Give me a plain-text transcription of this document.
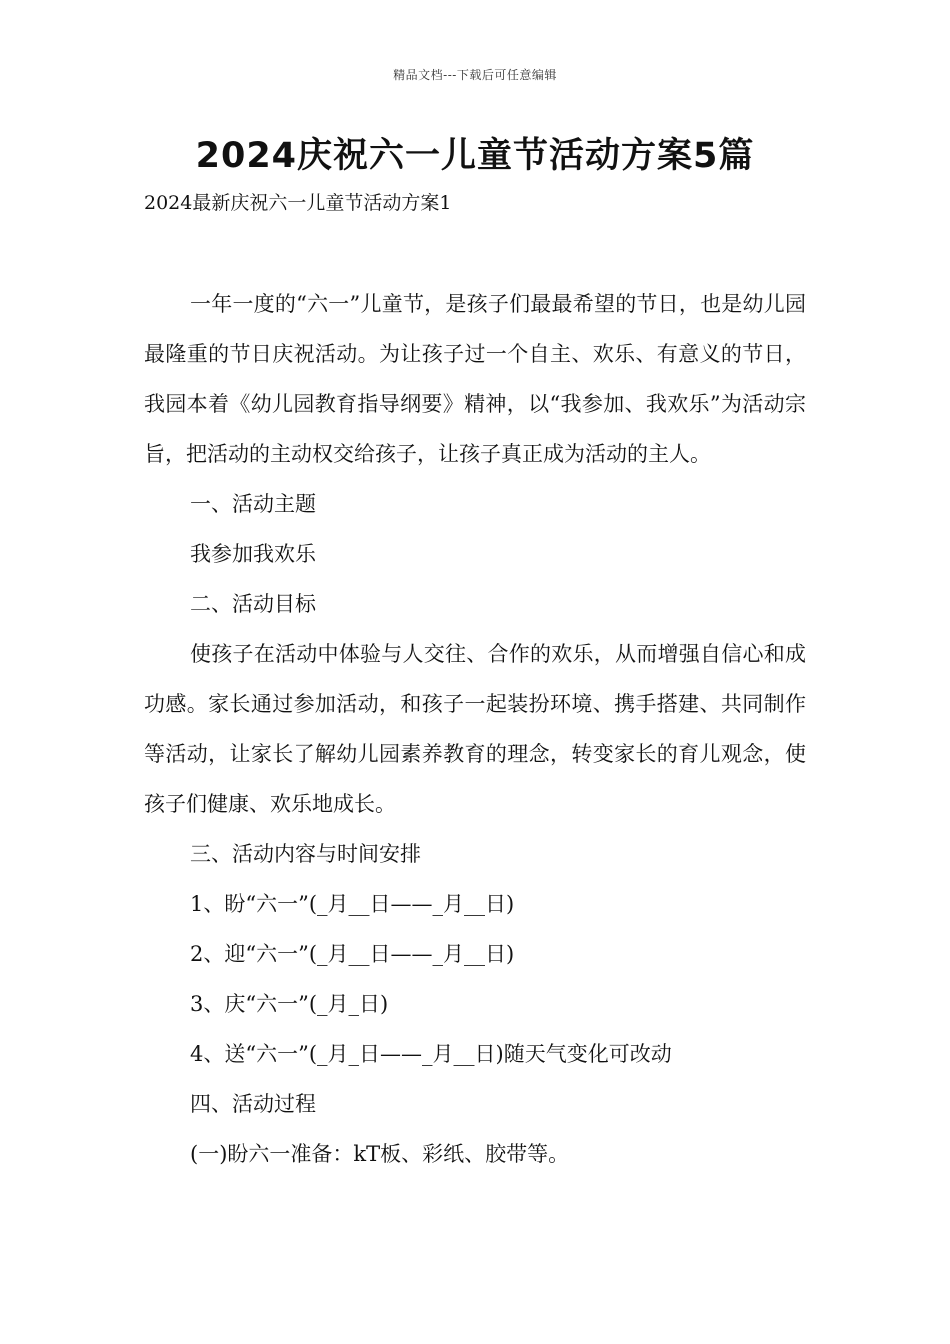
精品文档---下载后可任意编辑
2024庆祝六一儿童节活动方案5篇
2024最新庆祝六一儿童节活动方案1

一年一度的“六一”儿童节，是孩子们最最希望的节日，也是幼儿园最隆重的节日庆祝活动。为让孩子过一个自主、欢乐、有意义的节日，我园本着《幼儿园教育指导纲要》精神，以“我参加、我欢乐”为活动宗旨，把活动的主动权交给孩子，让孩子真正成为活动的主人。

一、活动主题

我参加我欢乐

二、活动目标

使孩子在活动中体验与人交往、合作的欢乐，从而增强自信心和成功感。家长通过参加活动，和孩子一起装扮环境、携手搭建、共同制作等活动，让家长了解幼儿园素养教育的理念，转变家长的育儿观念，使孩子们健康、欢乐地成长。

三、活动内容与时间安排

1、盼“六一”(_月__日——_月__日)

2、迎“六一”(_月__日——_月__日)

3、庆“六一”(_月_日)

4、送“六一”(_月_日——_月__日)随天气变化可改动

四、活动过程

(一)盼六一准备：kT板、彩纸、胶带等。
